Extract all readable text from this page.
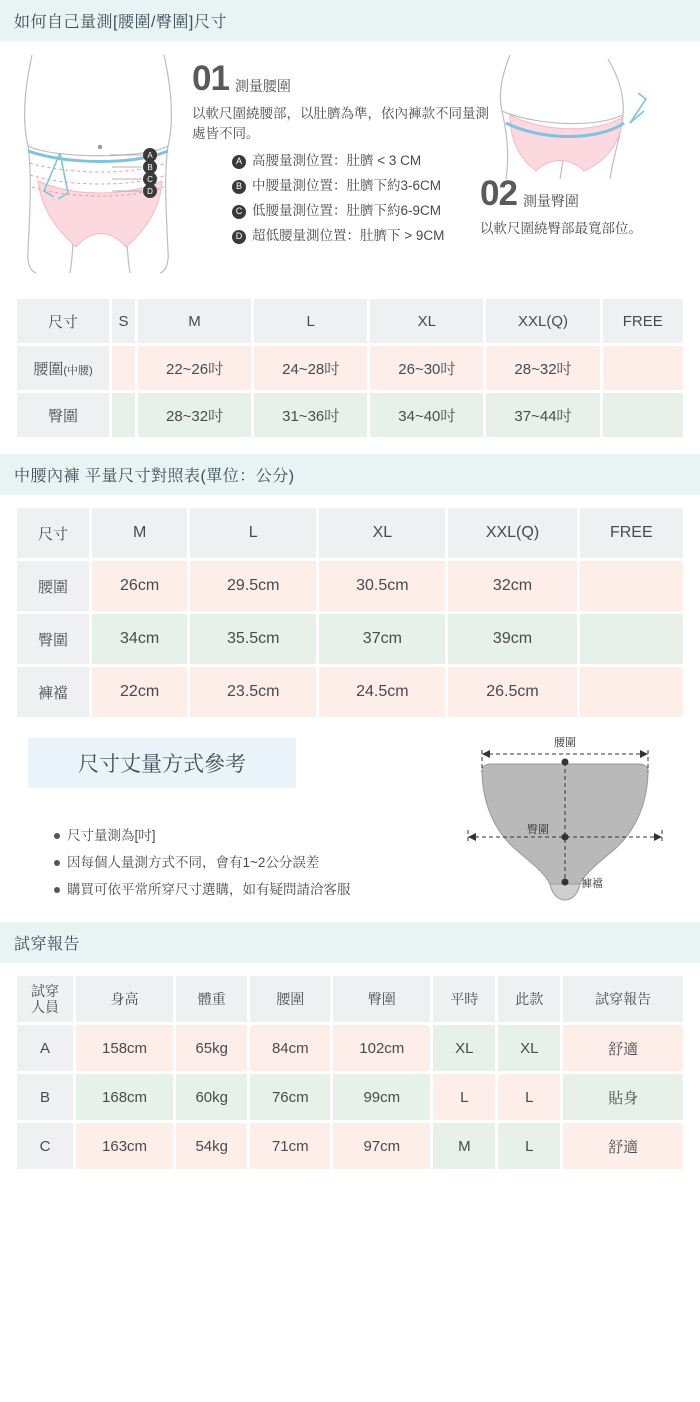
如何自己量測[腰圍/臀圍]尺寸
A
B
C
D
01 測量腰圍

以軟尺圍繞腰部，以肚臍為準，依內褲款不同量測處皆不同。

A 高腰量測位置：肚臍 < 3 CM
B 中腰量測位置：肚臍下約3-6CM
C 低腰量測位置：肚臍下約6-9CM
D 超低腰量測位置：肚臍下 > 9CM
02 測量臀圍

以軟尺圍繞臀部最寬部位。

尺寸	S	M	L	XL	XXL(Q)	FREE
腰圍(中腰)		22~26吋	24~28吋	26~30吋	28~32吋	
臀圍		28~32吋	31~36吋	34~40吋	37~44吋	
中腰內褲 平量尺寸對照表(單位：公分)
尺寸	M	L	XL	XXL(Q)	FREE
腰圍	26cm	29.5cm	30.5cm	32cm	
臀圍	34cm	35.5cm	37cm	39cm	
褲襠	22cm	23.5cm	24.5cm	26.5cm	
尺寸丈量方式參考
尺寸量測為[吋]
因每個人量測方式不同，會有1~2公分誤差
購買可依平常所穿尺寸選購，如有疑問請洽客服
腰圍
臀圍
褲襠
試穿報告
試穿
人員	身高	體重	腰圍	臀圍	平時	此款	試穿報告
A	158cm	65kg	84cm	102cm	XL	XL	舒適
B	168cm	60kg	76cm	99cm	L	L	貼身
C	163cm	54kg	71cm	97cm	M	L	舒適
